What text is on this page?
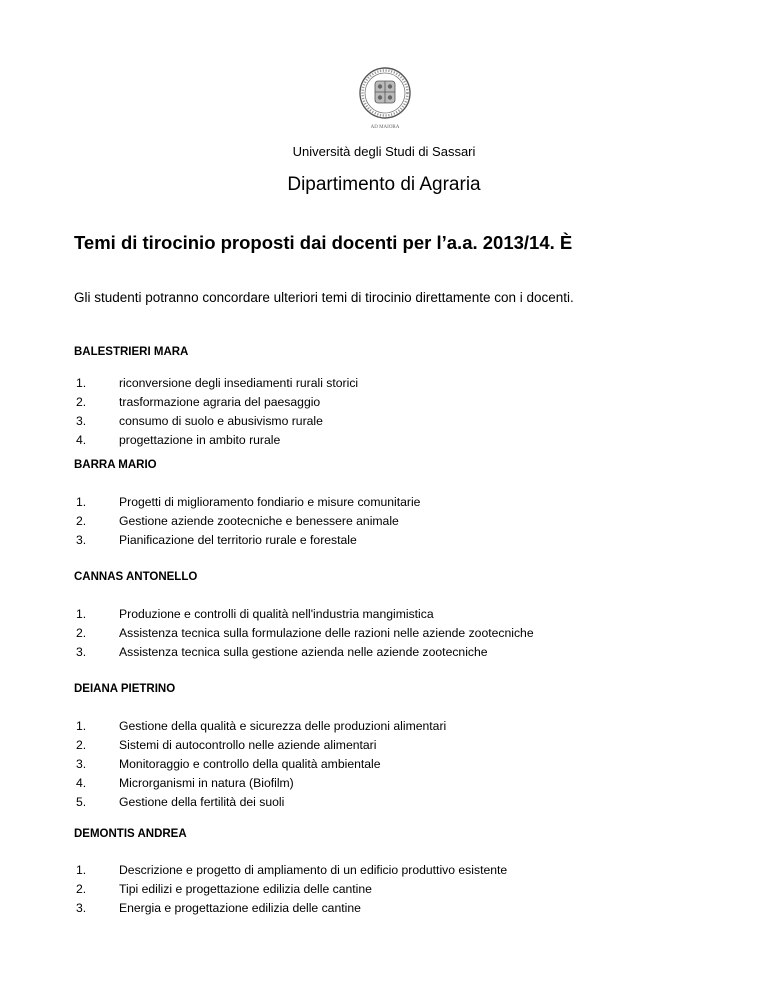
AD MAIORA
Università degli Studi di Sassari
Dipartimento di Agraria
Temi di tirocinio proposti dai docenti per l’a.a. 2013/14. È
Gli studenti potranno concordare ulteriori temi di tirocinio direttamente con i docenti.

BALESTRIERI MARA

1.	riconversione degli insediamenti rurali storici
2.	trasformazione agraria del paesaggio
3.	consumo di suolo e abusivismo rurale
4.	progettazione in ambito rurale

BARRA MARIO

1.	Progetti di miglioramento fondiario e misure comunitarie
2.	Gestione aziende zootecniche e benessere animale
3.	Pianificazione del territorio rurale e forestale

CANNAS ANTONELLO

1.	Produzione e controlli di qualità nell'industria mangimistica
2.	Assistenza tecnica sulla formulazione delle razioni nelle aziende zootecniche
3.	Assistenza tecnica sulla gestione azienda nelle aziende zootecniche

DEIANA PIETRINO

1.	Gestione della qualità e sicurezza delle produzioni alimentari
2.	Sistemi di autocontrollo nelle aziende alimentari
3.	Monitoraggio e controllo della qualità ambientale
4.	Microrganismi in natura (Biofilm)
5.	Gestione della fertilità dei suoli

DEMONTIS ANDREA

1.	Descrizione e progetto di ampliamento di un edificio produttivo esistente
2.	Tipi edilizi e progettazione edilizia delle cantine
3.	Energia e progettazione edilizia delle cantine
